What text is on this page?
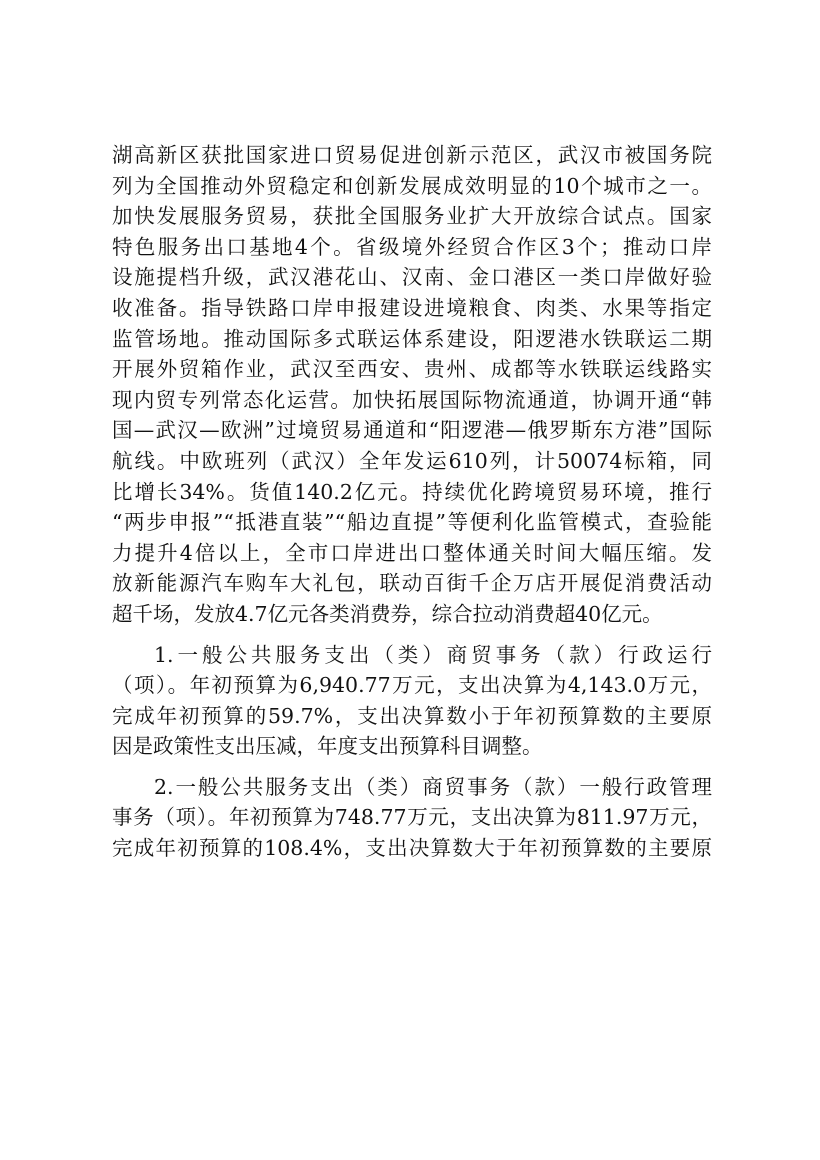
湖高新区获批国家进口贸易促进创新示范区，武汉市被国务院
列为全国推动外贸稳定和创新发展成效明显的10个城市之一。
加快发展服务贸易，获批全国服务业扩大开放综合试点。国家
特色服务出口基地4个。省级境外经贸合作区3个；推动口岸
设施提档升级，武汉港花山、汉南、金口港区一类口岸做好验
收准备。指导铁路口岸申报建设进境粮食、肉类、水果等指定
监管场地。推动国际多式联运体系建设，阳逻港水铁联运二期
开展外贸箱作业，武汉至西安、贵州、成都等水铁联运线路实
现内贸专列常态化运营。加快拓展国际物流通道，协调开通“韩
国—武汉—欧洲”过境贸易通道和“阳逻港—俄罗斯东方港”国际
航线。中欧班列（武汉）全年发运610列，计50074标箱，同
比增长34%。货值140.2亿元。持续优化跨境贸易环境，推行
“两步申报”“抵港直装”“船边直提”等便利化监管模式，查验能
力提升4倍以上，全市口岸进出口整体通关时间大幅压缩。发
放新能源汽车购车大礼包，联动百街千企万店开展促消费活动
超千场，发放4.7亿元各类消费券，综合拉动消费超40亿元。
1.一般公共服务支出（类）商贸事务（款）行政运行
（项）。年初预算为6,940.77万元，支出决算为4,143.0万元，
完成年初预算的59.7%，支出决算数小于年初预算数的主要原
因是政策性支出压减，年度支出预算科目调整。
2.一般公共服务支出（类）商贸事务（款）一般行政管理
事务（项）。年初预算为748.77万元，支出决算为811.97万元，
完成年初预算的108.4%，支出决算数大于年初预算数的主要原
